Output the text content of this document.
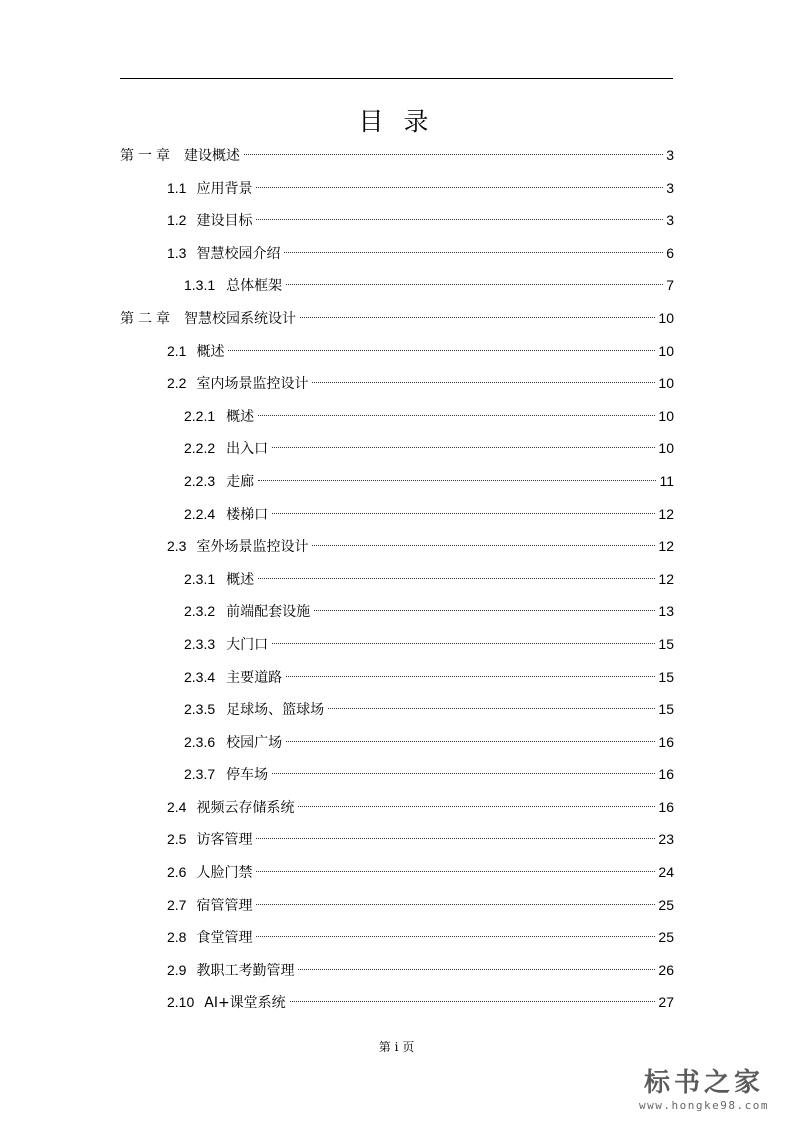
目 录
第一章 建设概述	3
1.1 应用背景	3
1.2 建设目标	3
1.3 智慧校园介绍	6
1.3.1 总体框架	7
第二章 智慧校园系统设计	10
2.1 概述	10
2.2 室内场景监控设计	10
2.2.1 概述	10
2.2.2 出入口	10
2.2.3 走廊	11
2.2.4 楼梯口	12
2.3 室外场景监控设计	12
2.3.1 概述	12
2.3.2 前端配套设施	13
2.3.3 大门口	15
2.3.4 主要道路	15
2.3.5 足球场、篮球场	15
2.3.6 校园广场	16
2.3.7 停车场	16
2.4 视频云存储系统	16
2.5 访客管理	23
2.6 人脸门禁	24
2.7 宿管管理	25
2.8 食堂管理	25
2.9 教职工考勤管理	26
2.10 AI+课堂系统	27
第 i 页
标书之家
www.hongke98.com
